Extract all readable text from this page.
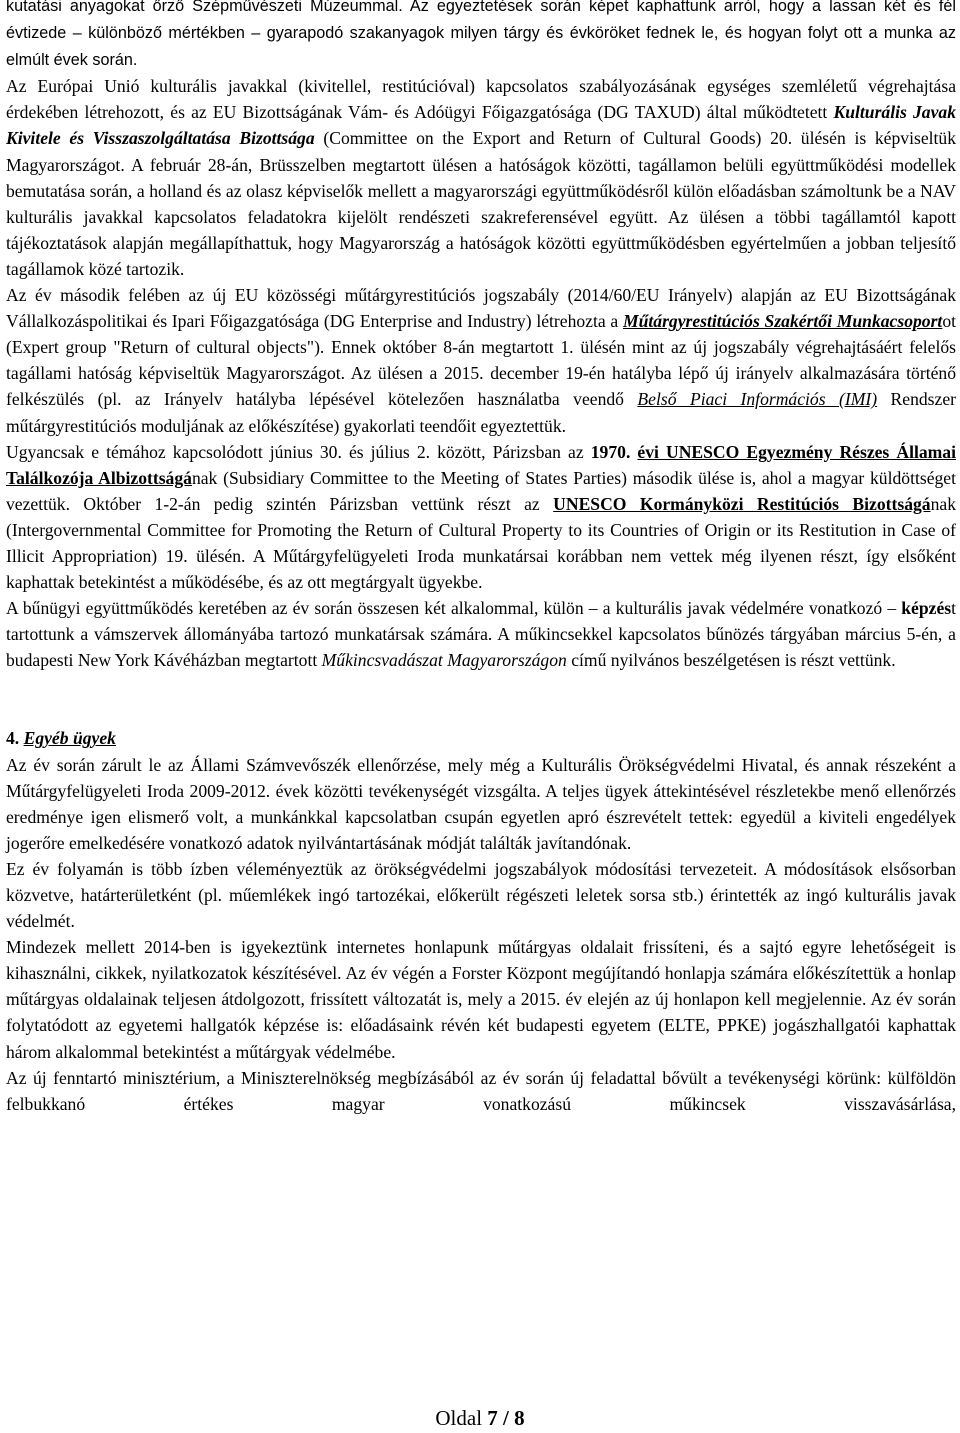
kutatási anyagokat őrző Szépművészeti Múzeummal. Az egyeztetések során képet kaphattunk arról, hogy a lassan két és fél évtizede – különböző mértékben – gyarapodó szakanyagok milyen tárgy és évköröket fednek le, és hogyan folyt ott a munka az elmúlt évek során.

Az Európai Unió kulturális javakkal (kivitellel, restitúcióval) kapcsolatos szabályozásának egységes szemléletű végrehajtása érdekében létrehozott, és az EU Bizottságának Vám- és Adóügyi Főigazgatósága (DG TAXUD) által működtetett Kulturális Javak Kivitele és Visszaszolgáltatása Bizottsága (Committee on the Export and Return of Cultural Goods) 20. ülésén is képviseltük Magyarországot. A február 28-án, Brüsszelben megtartott ülésen a hatóságok közötti, tagállamon belüli együttműködési modellek bemutatása során, a holland és az olasz képviselők mellett a magyarországi együttműködésről külön előadásban számoltunk be a NAV kulturális javakkal kapcsolatos feladatokra kijelölt rendészeti szakreferensével együtt. Az ülésen a többi tagállamtól kapott tájékoztatások alapján megállapíthattuk, hogy Magyarország a hatóságok közötti együttműködésben egyértelműen a jobban teljesítő tagállamok közé tartozik.

Az év második felében az új EU közösségi műtárgyrestitúciós jogszabály (2014/60/EU Irányelv) alapján az EU Bizottságának Vállalkozáspolitikai és Ipari Főigazgatósága (DG Enterprise and Industry) létrehozta a Műtárgyrestitúciós Szakértői Munkacsoportot (Expert group "Return of cultural objects"). Ennek október 8-án megtartott 1. ülésén mint az új jogszabály végrehajtásáért felelős tagállami hatóság képviseltük Magyarországot. Az ülésen a 2015. december 19-én hatályba lépő új irányelv alkalmazására történő felkészülés (pl. az Irányelv hatályba lépésével kötelezően használatba veendő Belső Piaci Információs (IMI) Rendszer műtárgyrestitúciós moduljának az előkészítése) gyakorlati teendőit egyeztettük.

Ugyancsak e témához kapcsolódott június 30. és július 2. között, Párizsban az 1970. évi UNESCO Egyezmény Részes Államai Találkozója Albizottságának (Subsidiary Committee to the Meeting of States Parties) második ülése is, ahol a magyar küldöttséget vezettük. Október 1-2-án pedig szintén Párizsban vettünk részt az UNESCO Kormányközi Restitúciós Bizottságának (Intergovernmental Committee for Promoting the Return of Cultural Property to its Countries of Origin or its Restitution in Case of Illicit Appropriation) 19. ülésén. A Műtárgyfelügyeleti Iroda munkatársai korábban nem vettek még ilyenen részt, így elsőként kaphattak betekintést a működésébe, és az ott megtárgyalt ügyekbe.

A bűnügyi együttműködés keretében az év során összesen két alkalommal, külön – a kulturális javak védelmére vonatkozó – képzést tartottunk a vámszervek állományába tartozó munkatársak számára. A műkincsekkel kapcsolatos bűnözés tárgyában március 5-én, a budapesti New York Kávéházban megtartott Műkincsvadászat Magyarországon című nyilvános beszélgetésen is részt vettünk.

4. Egyéb ügyek

Az év során zárult le az Állami Számvevőszék ellenőrzése, mely még a Kulturális Örökségvédelmi Hivatal, és annak részeként a Műtárgyfelügyeleti Iroda 2009-2012. évek közötti tevékenységét vizsgálta. A teljes ügyek áttekintésével részletekbe menő ellenőrzés eredménye igen elismerő volt, a munkánkkal kapcsolatban csupán egyetlen apró észrevételt tettek: egyedül a kiviteli engedélyek jogerőre emelkedésére vonatkozó adatok nyilvántartásának módját találták javítandónak.

Ez év folyamán is több ízben véleményeztük az örökségvédelmi jogszabályok módosítási tervezeteit. A módosítások elsősorban közvetve, határterületként (pl. műemlékek ingó tartozékai, előkerült régészeti leletek sorsa stb.) érintették az ingó kulturális javak védelmét.

Mindezek mellett 2014-ben is igyekeztünk internetes honlapunk műtárgyas oldalait frissíteni, és a sajtó egyre lehetőségeit is kihasználni, cikkek, nyilatkozatok készítésével. Az év végén a Forster Központ megújítandó honlapja számára előkészítettük a honlap műtárgyas oldalainak teljesen átdolgozott, frissített változatát is, mely a 2015. év elején az új honlapon kell megjelennie. Az év során folytatódott az egyetemi hallgatók képzése is: előadásaink révén két budapesti egyetem (ELTE, PPKE) jogászhallgatói kaphattak három alkalommal betekintést a műtárgyak védelmébe.

Az új fenntartó minisztérium, a Miniszterelnökség megbízásából az év során új feladattal bővült a tevékenységi körünk: külföldön felbukkanó értékes magyar vonatkozású műkincsek visszavásárlása,

Oldal 7 / 8
